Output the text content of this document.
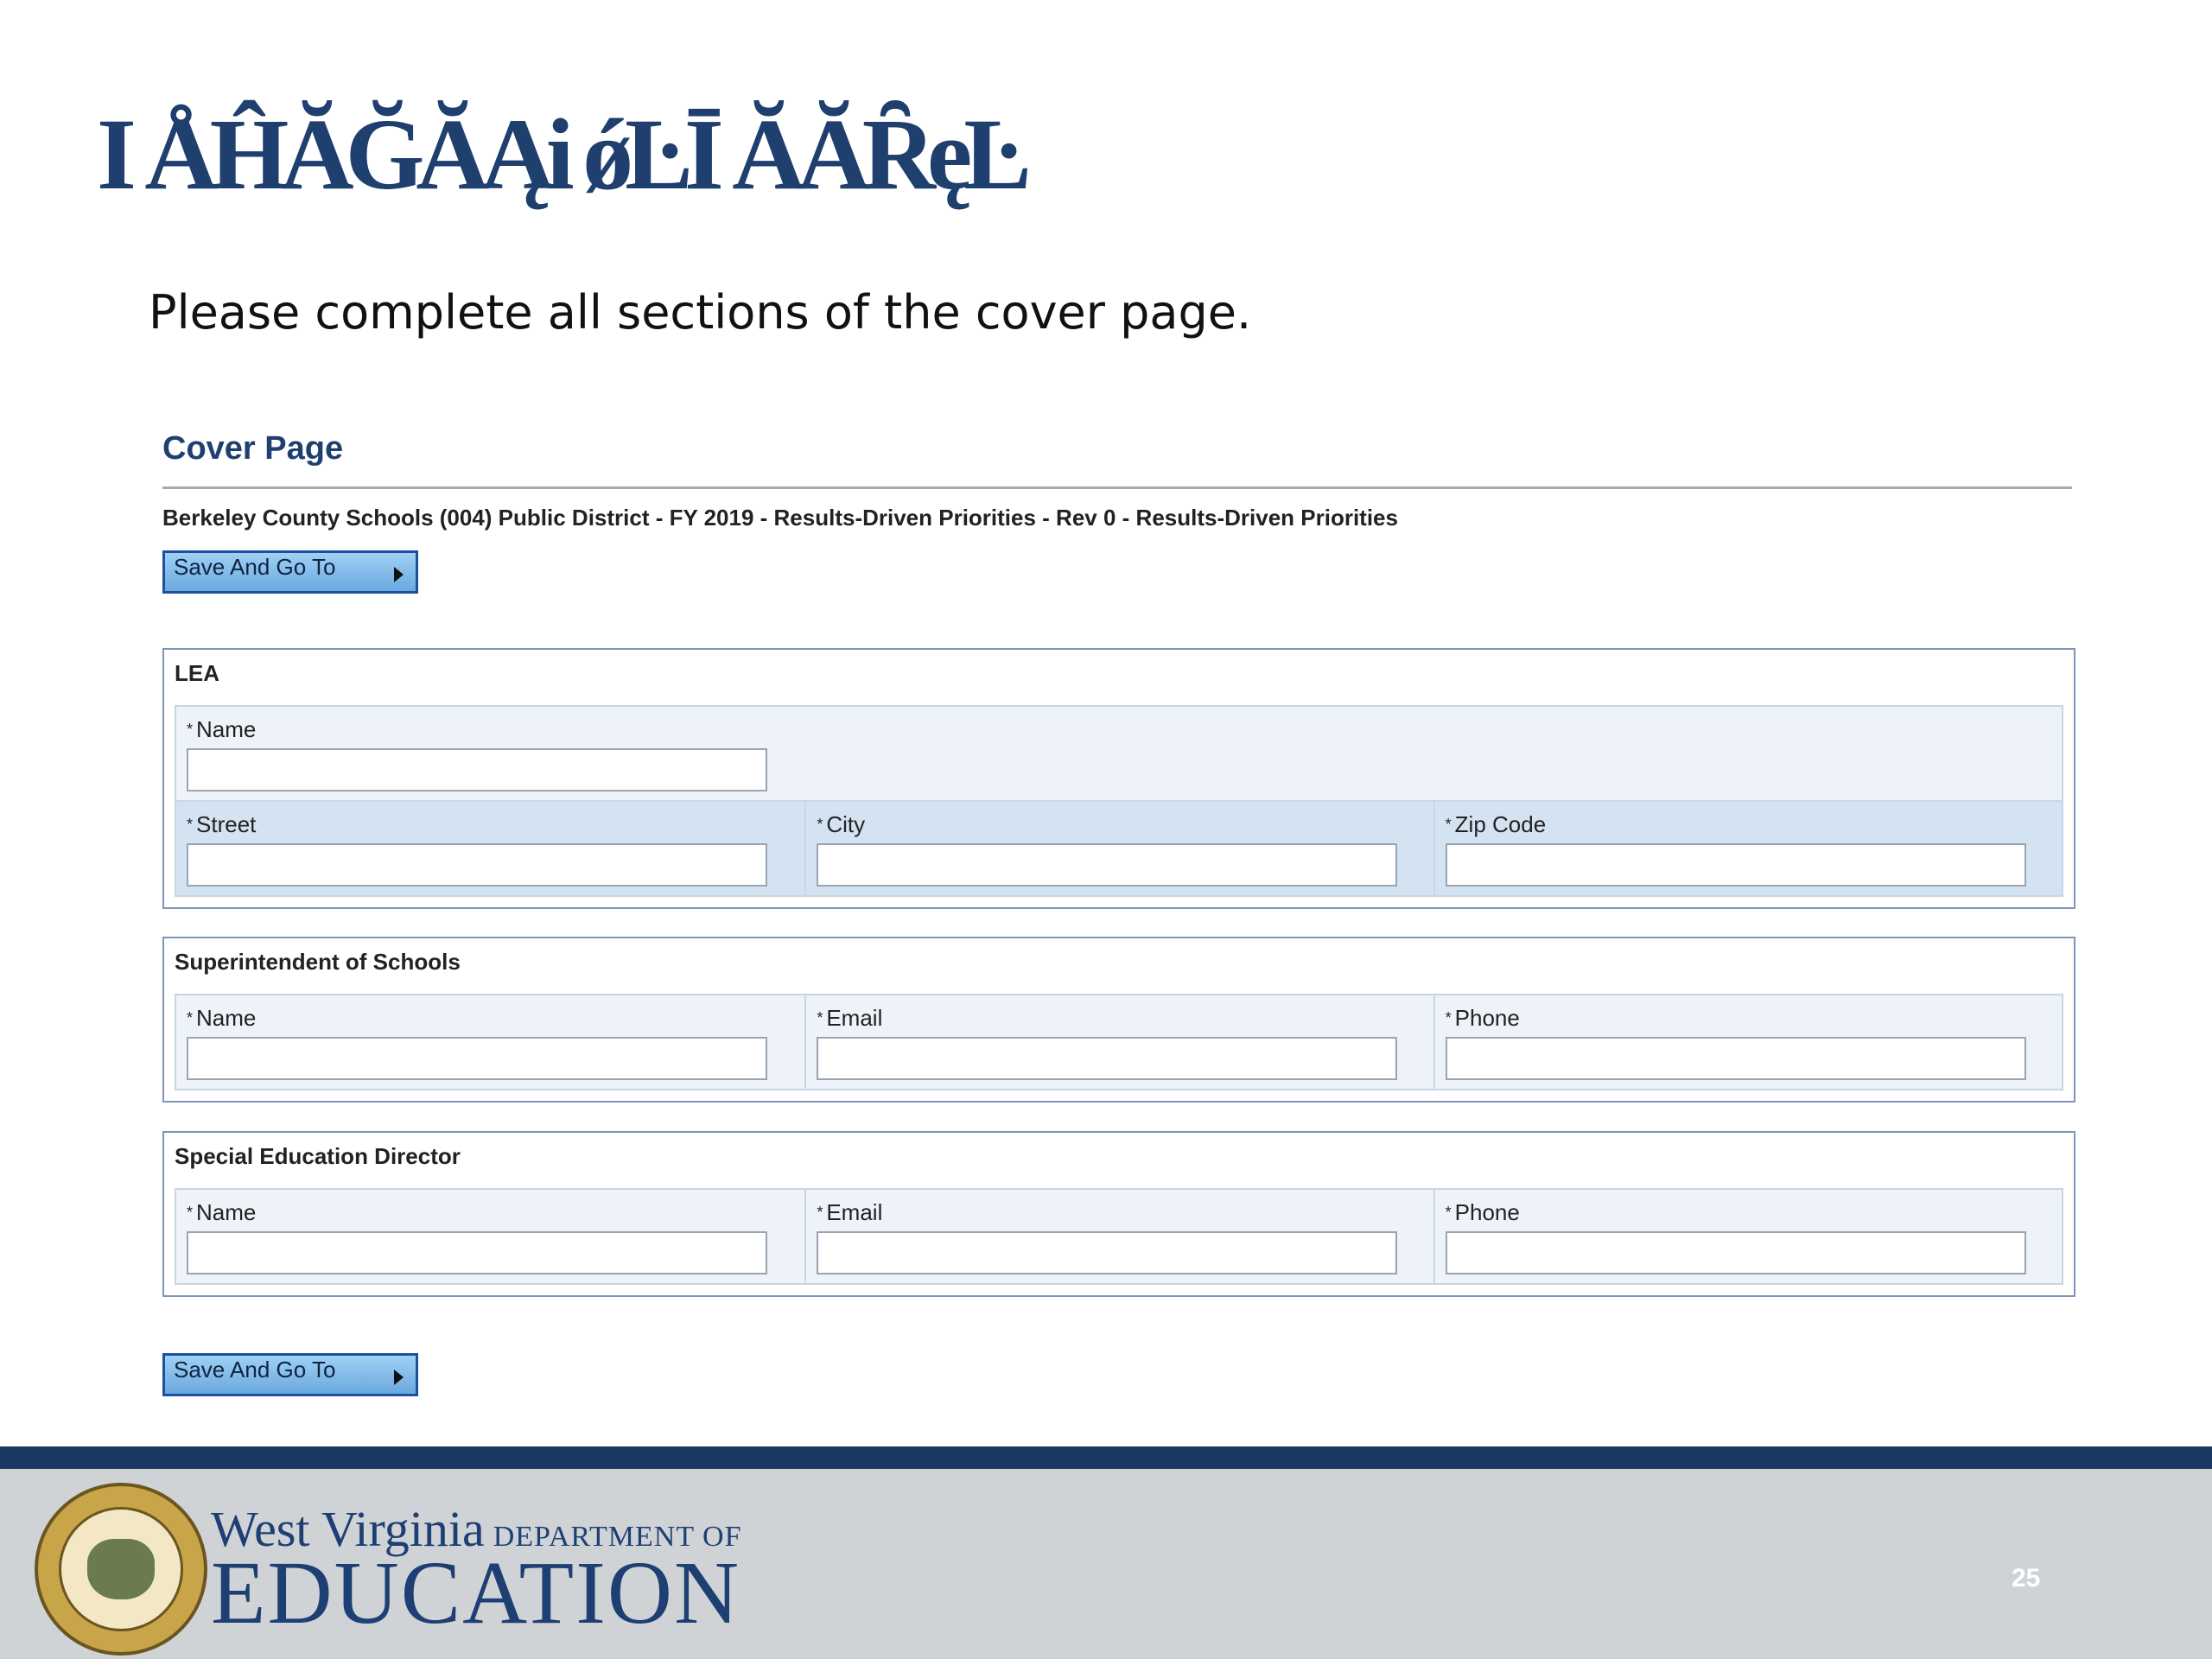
I ÅĤĂĞĂĄi ǿĿĪ ĂĂȒęĿ
Please complete all sections of the cover page.
Cover Page
Berkeley County Schools (004) Public District - FY 2019 - Results-Driven Priorities - Rev 0 - Results-Driven Priorities
Save And Go To
LEA
* Name
* Street	* City	* Zip Code
Superintendent of Schools
* Name	* Email	* Phone
Special Education Director
* Name	* Email	* Phone
Save And Go To
West Virginia DEPARTMENT OF
EDUCATION	25
